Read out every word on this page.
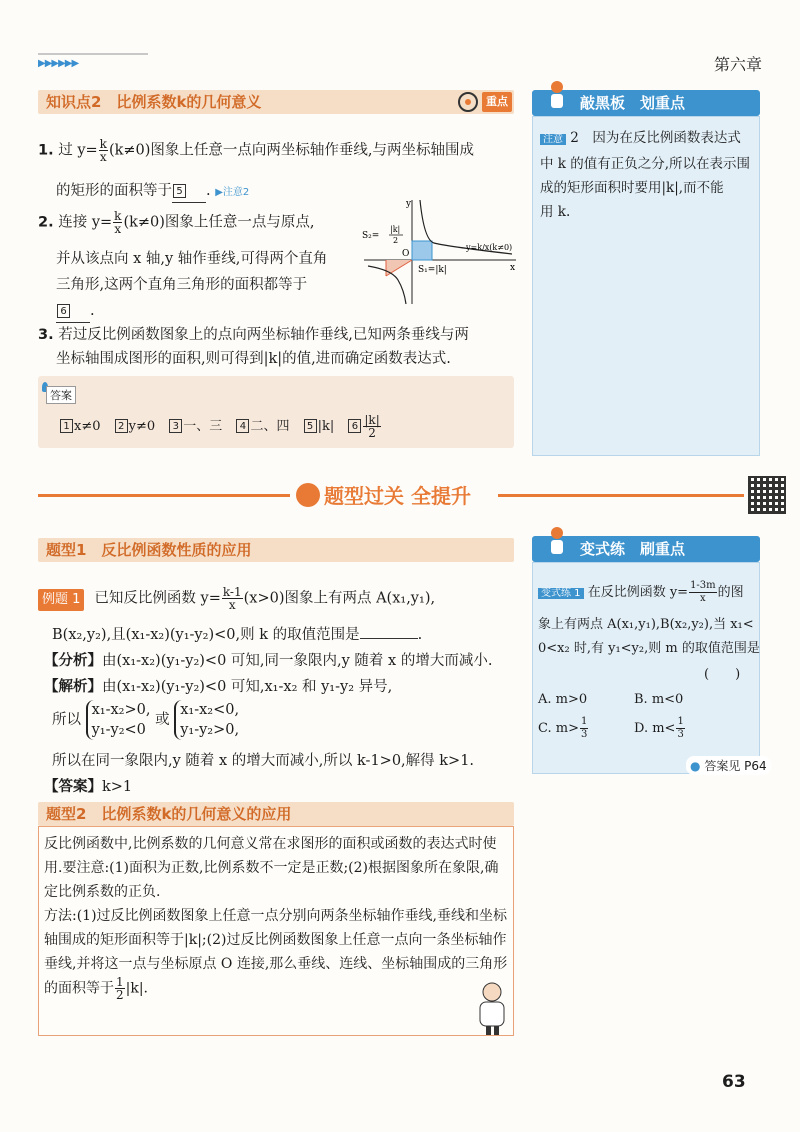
▶▶▶▶▶▶	第六章
知识点2　比例系数k的几何意义	重点
1. 过 $y= \frac{k}{x} (k\ne 0)$图象上任意一点向两坐标轴作垂线,与两坐标轴围成
的矩形的面积等于 5 . ▶注意2
2. 连接 $y= \frac{k}{x} (k\ne 0)$图象上任意一点与原点,
并从该点向 x 轴,y 轴作垂线,可得两个直角
三角形,这两个直角三角形的面积都等于
6 .
y
x
O
S₂=
|k|
2
S₁=|k|
y=k/x(k≠0)
3. 若过反比例函数图象上的点向两坐标轴作垂线,已知两条垂线与两
坐标轴围成图形的面积,则可得到|k|的值,进而确定函数表达式.
答案
1 x≠0 2 y≠0 3 一、三 4 二、四 5 |k| $6 \frac{|k|}{2}$
敲黑板　划重点
注意 2　 因为在反比例函数表达式
中 k 的值有正负之分,所以在表示围
成的矩形面积时要用|k|,而不能
用 k.
题型过关 全提升
题型1　反比例函数性质的应用
例题 1 已知反比例函数 $y= \frac{k-1}{x} (x>0)$图象上有两点 A(x₁,y₁),
B(x₂,y₂),且(x₁-x₂)(y₁-y₂)<0,则 k 的取值范围是	.
【分析】由(x₁-x₂)(y₁-y₂)<0 可知,同一象限内,y 随着 x 的增大而减小.
【解析】由(x₁-x₂)(y₁-y₂)<0 可知,x₁-x₂ 和 y₁-y₂ 异号,
所以
x₁-x₂>0,
y₁-y₂<0
或
x₁-x₂<0,
y₁-y₂>0,
所以在同一象限内,y 随着 x 的增大而减小,所以 k-1>0,解得 k>1.
【答案】k>1
变式练　刷重点
变式练 1 在反比例函数 $y= \frac{1-3m}{x}$ 的图
象上有两点 A(x₁,y₁),B(x₂,y₂),当 x₁<
0<x₂ 时,有 y₁<y₂,则 m 的取值范围是
(　　)
A. m>0	B. m<0
C. $m> \frac{1}{3}$	D. $m< \frac{1}{3}$
● 答案见 P64
题型2　比例系数k的几何意义的应用
反比例函数中,比例系数的几何意义常在求图形的面积或函数的表达式时使用.要注意:(1)面积为正数,比例系数不一定是正数;(2)根据图象所在象限,确定比例系数的正负.
方法:(1)过反比例函数图象上任意一点分别向两条坐标轴作垂线,垂线和坐标轴围成的矩形面积等于|k|;(2)过反比例函数图象上任意一点向一条坐标轴作垂线,并将这一点与坐标原点 O 连接,那么垂线、连线、坐标轴围成的三角形的面积等于 $\frac{1}{2} |k|$.
63
